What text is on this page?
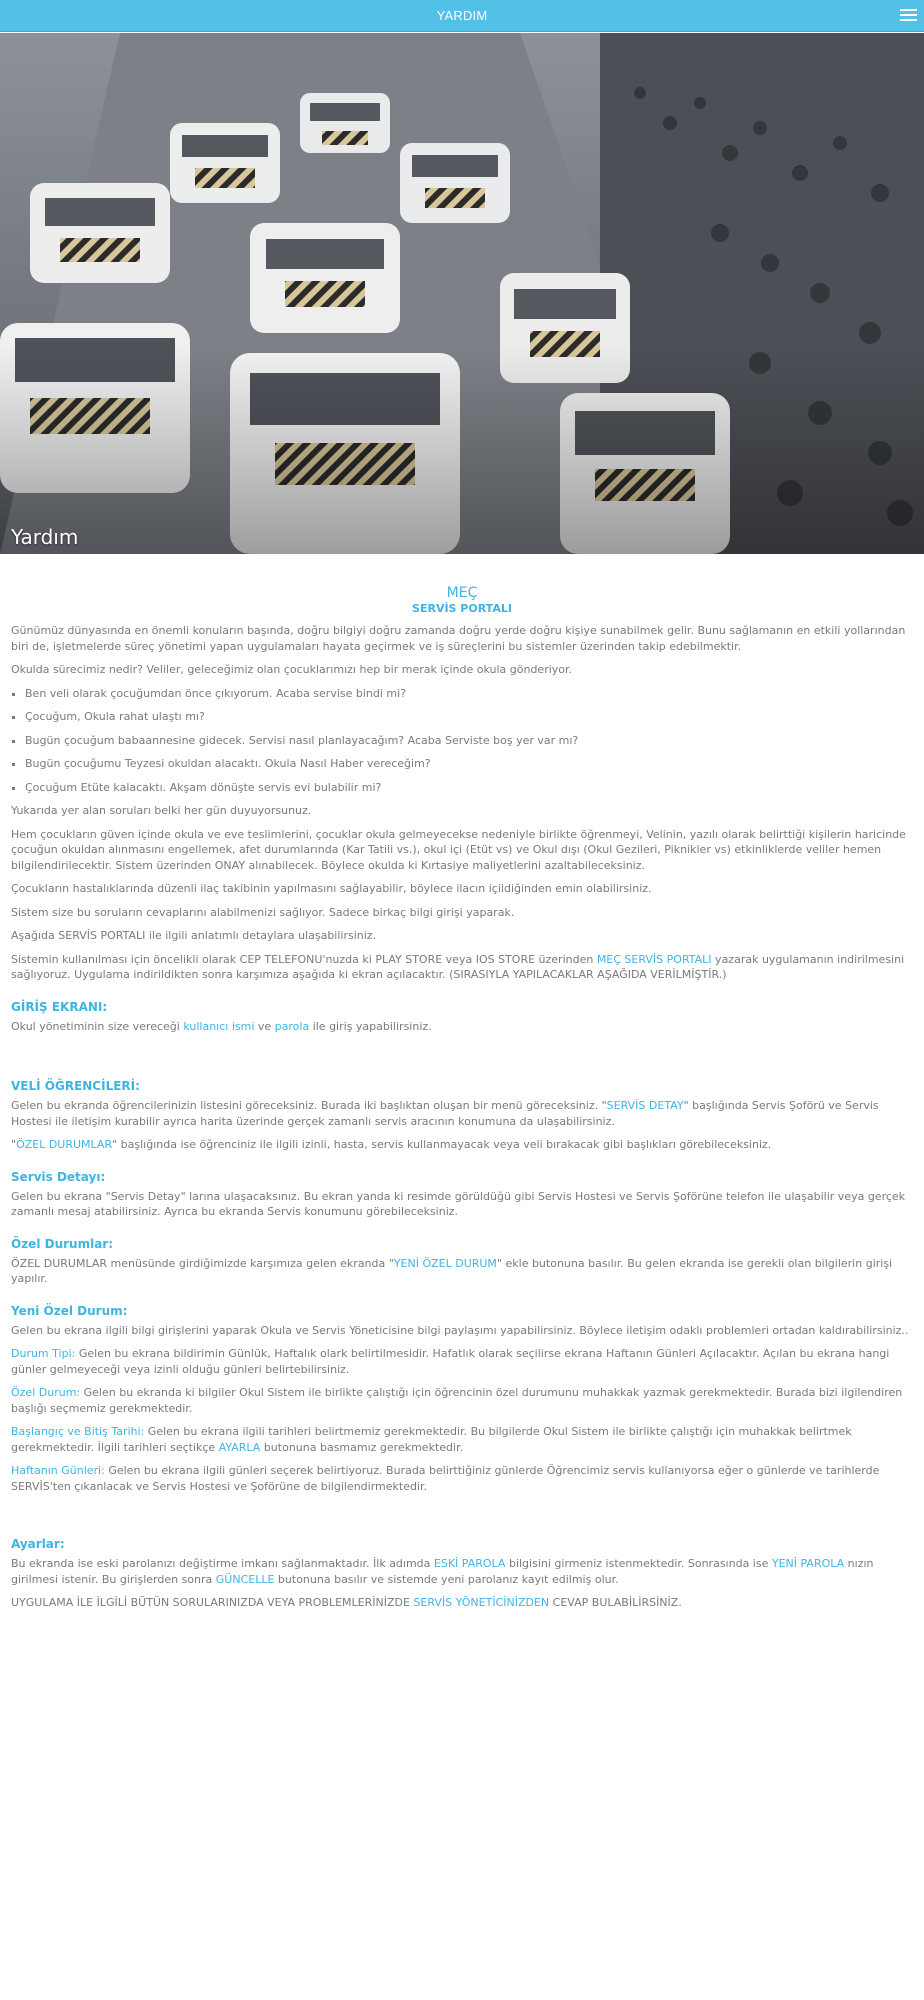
YARDIM
Yardım
MEÇ
SERVİS PORTALI

Günümüz dünyasında en önemli konuların başında, doğru bilgiyi doğru zamanda doğru yerde doğru kişiye sunabilmek gelir. Bunu sağlamanın en etkili yollarından biri de, işletmelerde süreç yönetimi yapan uygulamaları hayata geçirmek ve iş süreçlerini bu sistemler üzerinden takip edebilmektir.

Okulda sürecimiz nedir? Veliler, geleceğimiz olan çocuklarımızı hep bir merak içinde okula gönderiyor.

▪ Ben veli olarak çocuğumdan önce çıkıyorum. Acaba servise bindi mi?
▪ Çocuğum, Okula rahat ulaştı mı?
▪ Bugün çocuğum babaannesine gidecek. Servisi nasıl planlayacağım? Acaba Serviste boş yer var mı?
▪ Bugün çocuğumu Teyzesi okuldan alacaktı. Okula Nasıl Haber vereceğim?
▪ Çocuğum Etüte kalacaktı. Akşam dönüşte servis evi bulabilir mi?

Yukarıda yer alan soruları belki her gün duyuyorsunuz.

Hem çocukların güven içinde okula ve eve teslimlerini, çocuklar okula gelmeyecekse nedeniyle birlikte öğrenmeyi, Velinin, yazılı olarak belirttiği kişilerin haricinde çocuğun okuldan alınmasını engellemek, afet durumlarında (Kar Tatili vs.), okul içi (Etüt vs) ve Okul dışı (Okul Gezileri, Piknikler vs) etkinliklerde veliler hemen bilgilendirilecektir. Sistem üzerinden ONAY alınabilecek. Böylece okulda ki Kırtasiye maliyetlerini azaltabileceksiniz.

Çocukların hastalıklarında düzenli ilaç takibinin yapılmasını sağlayabilir, böylece ilacın içildiğinden emin olabilirsiniz.

Sistem size bu soruların cevaplarını alabilmenizi sağlıyor. Sadece birkaç bilgi girişi yaparak.

Aşağıda SERVİS PORTALI ile ilgili anlatımlı detaylara ulaşabilirsiniz.

Sistemin kullanılması için öncelikli olarak CEP TELEFONU'nuzda ki PLAY STORE veya IOS STORE üzerinden MEÇ SERVİS PORTALI yazarak uygulamanın indirilmesini sağlıyoruz. Uygulama indirildikten sonra karşımıza aşağıda ki ekran açılacaktır. (SIRASIYLA YAPILACAKLAR AŞAĞIDA VERİLMİŞTİR.)

GİRİŞ EKRANI:

Okul yönetiminin size vereceği kullanıcı ismi ve parola ile giriş yapabilirsiniz.

VELİ ÖĞRENCİLERİ:

Gelen bu ekranda öğrencilerinizin listesini göreceksiniz. Burada iki başlıktan oluşan bir menü göreceksiniz. "SERVİS DETAY" başlığında Servis Şoförü ve Servis Hostesi ile iletişim kurabilir ayrıca harita üzerinde gerçek zamanlı servis aracının konumuna da ulaşabilirsiniz.

"ÖZEL DURUMLAR" başlığında ise öğrenciniz ile ilgili izinli, hasta, servis kullanmayacak veya veli bırakacak gibi başlıkları görebileceksiniz.

Servis Detayı:

Gelen bu ekrana "Servis Detay" larına ulaşacaksınız. Bu ekran yanda ki resimde görüldüğü gibi Servis Hostesi ve Servis Şoförüne telefon ile ulaşabilir veya gerçek zamanlı mesaj atabilirsiniz. Ayrıca bu ekranda Servis konumunu görebileceksiniz.

Özel Durumlar:

ÖZEL DURUMLAR menüsünde girdiğimizde karşımıza gelen ekranda "YENİ ÖZEL DURUM" ekle butonuna basılır. Bu gelen ekranda ise gerekli olan bilgilerin girişi yapılır.

Yeni Özel Durum:

Gelen bu ekrana ilgili bilgi girişlerini yaparak Okula ve Servis Yöneticisine bilgi paylaşımı yapabilirsiniz. Böylece iletişim odaklı problemleri ortadan kaldırabilirsiniz..

Durum Tipi: Gelen bu ekrana bildirimin Günlük, Haftalık olark belirtilmesidir. Hafatlık olarak seçilirse ekrana Haftanın Günleri Açılacaktır. Açılan bu ekrana hangi günler gelmeyeceği veya izinli olduğu günleri belirtebilirsiniz.

Özel Durum: Gelen bu ekranda ki bilgiler Okul Sistem ile birlikte çalıştığı için öğrencinin özel durumunu muhakkak yazmak gerekmektedir. Burada bizi ilgilendiren başlığı seçmemiz gerekmektedir.

Başlangıç ve Bitiş Tarihi: Gelen bu ekrana ilgili tarihleri belirtmemiz gerekmektedir. Bu bilgilerde Okul Sistem ile birlikte çalıştığı için muhakkak belirtmek gerekmektedir. İlgili tarihleri seçtikçe AYARLA butonuna basmamız gerekmektedir.

Haftanın Günleri: Gelen bu ekrana ilgili günleri seçerek belirtiyoruz. Burada belirttiğiniz günlerde Öğrencimiz servis kullanıyorsa eğer o günlerde ve tarihlerde SERVİS'ten çıkanlacak ve Servis Hostesi ve Şoförüne de bilgilendirmektedir.

Ayarlar:

Bu ekranda ise eski parolanızı değiştirme imkanı sağlanmaktadır. İlk adımda ESKİ PAROLA bilgisini girmeniz istenmektedir. Sonrasında ise YENİ PAROLA nızın girilmesi istenir. Bu girişlerden sonra GÜNCELLE butonuna basılır ve sistemde yeni parolanız kayıt edilmiş olur.

UYGULAMA İLE İLGİLİ BÜTÜN SORULARINIZDA VEYA PROBLEMLERİNİZDE SERVİS YÖNETİCİNİZDEN CEVAP BULABİLİRSİNİZ.
